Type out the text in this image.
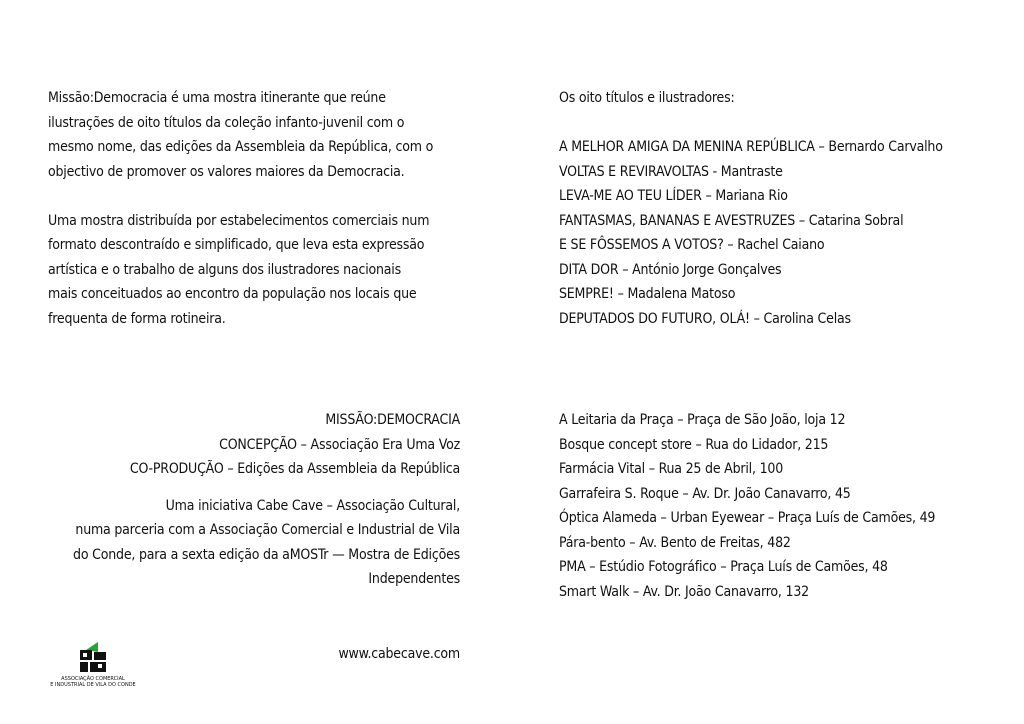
Missão:Democracia é uma mostra itinerante que reúne
ilustrações de oito títulos da coleção infanto-juvenil com o
mesmo nome, das edições da Assembleia da República, com o
objectivo de promover os valores maiores da Democracia.

Uma mostra distribuída por estabelecimentos comerciais num
formato descontraído e simplificado, que leva esta expressão
artística e o trabalho de alguns dos ilustradores nacionais
mais conceituados ao encontro da população nos locais que
frequenta de forma rotineira.

Os oito títulos e ilustradores:
A MELHOR AMIGA DA MENINA REPÚBLICA – Bernardo Carvalho
VOLTAS E REVIRAVOLTAS - Mantraste
LEVA-ME AO TEU LÍDER – Mariana Rio
FANTASMAS, BANANAS E AVESTRUZES – Catarina Sobral
E SE FÔSSEMOS A VOTOS? – Rachel Caiano
DITA DOR – António Jorge Gonçalves
SEMPRE! – Madalena Matoso
DEPUTADOS DO FUTURO, OLÁ! – Carolina Celas
MISSÃO:DEMOCRACIA
CONCEPÇÃO – Associação Era Uma Voz
CO-PRODUÇÃO – Edições da Assembleia da República
Uma iniciativa Cabe Cave – Associação Cultural,
numa parceria com a Associação Comercial e Industrial de Vila
do Conde, para a sexta edição da aMOSTr — Mostra de Edições
Independentes
A Leitaria da Praça – Praça de São João, loja 12
Bosque concept store – Rua do Lidador, 215
Farmácia Vital – Rua 25 de Abril, 100
Garrafeira S. Roque – Av. Dr. João Canavarro, 45
Óptica Alameda – Urban Eyewear – Praça Luís de Camões, 49
Pára-bento – Av. Bento de Freitas, 482
PMA – Estúdio Fotográfico – Praça Luís de Camões, 48
Smart Walk – Av. Dr. João Canavarro, 132
www.cabecave.com
ASSOCIAÇÃO COMERCIAL
E INDUSTRIAL DE VILA DO CONDE
